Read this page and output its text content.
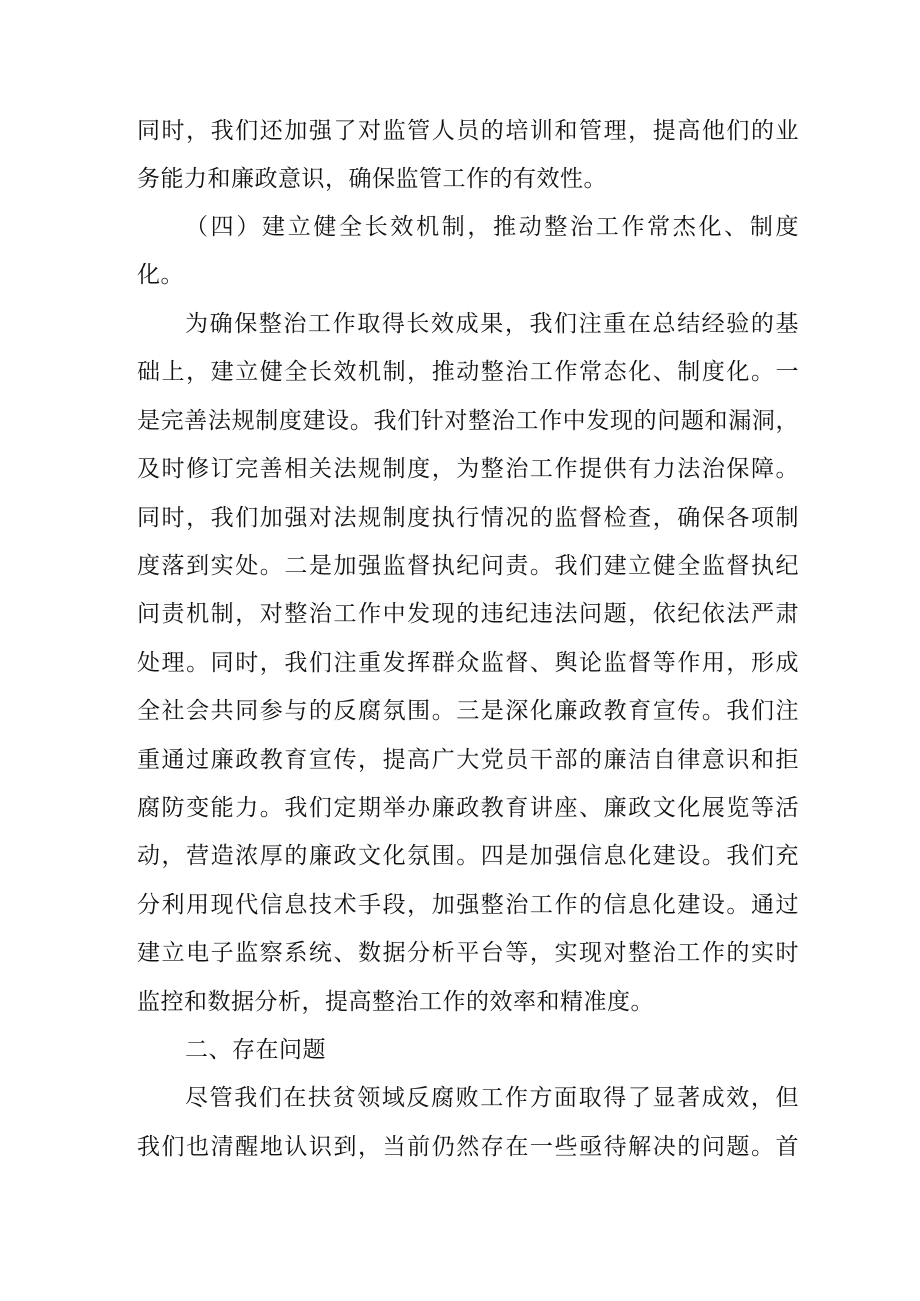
同时，我们还加强了对监管人员的培训和管理，提高他们的业
务能力和廉政意识，确保监管工作的有效性。
（四）建立健全长效机制，推动整治工作常杰化、制度
化。
为确保整治工作取得长效成果，我们注重在总结经验的基
础上，建立健全长效机制，推动整治工作常态化、制度化。一
是完善法规制度建设。我们针对整治工作中发现的问题和漏洞，
及时修订完善相关法规制度，为整治工作提供有力法治保障。
同时，我们加强对法规制度执行情况的监督检查，确保各项制
度落到实处。二是加强监督执纪问责。我们建立健全监督执纪
问责机制，对整治工作中发现的违纪违法问题，依纪依法严肃
处理。同时，我们注重发挥群众监督、舆论监督等作用，形成
全社会共同参与的反腐氛围。三是深化廉政教育宣传。我们注
重通过廉政教育宣传，提高广大党员干部的廉洁自律意识和拒
腐防变能力。我们定期举办廉政教育讲座、廉政文化展览等活
动，营造浓厚的廉政文化氛围。四是加强信息化建设。我们充
分利用现代信息技术手段，加强整治工作的信息化建设。通过
建立电子监察系统、数据分析平台等，实现对整治工作的实时
监控和数据分析，提高整治工作的效率和精准度。
二、存在问题
尽管我们在扶贫领域反腐败工作方面取得了显著成效，但
我们也清醒地认识到，当前仍然存在一些亟待解决的问题。首
